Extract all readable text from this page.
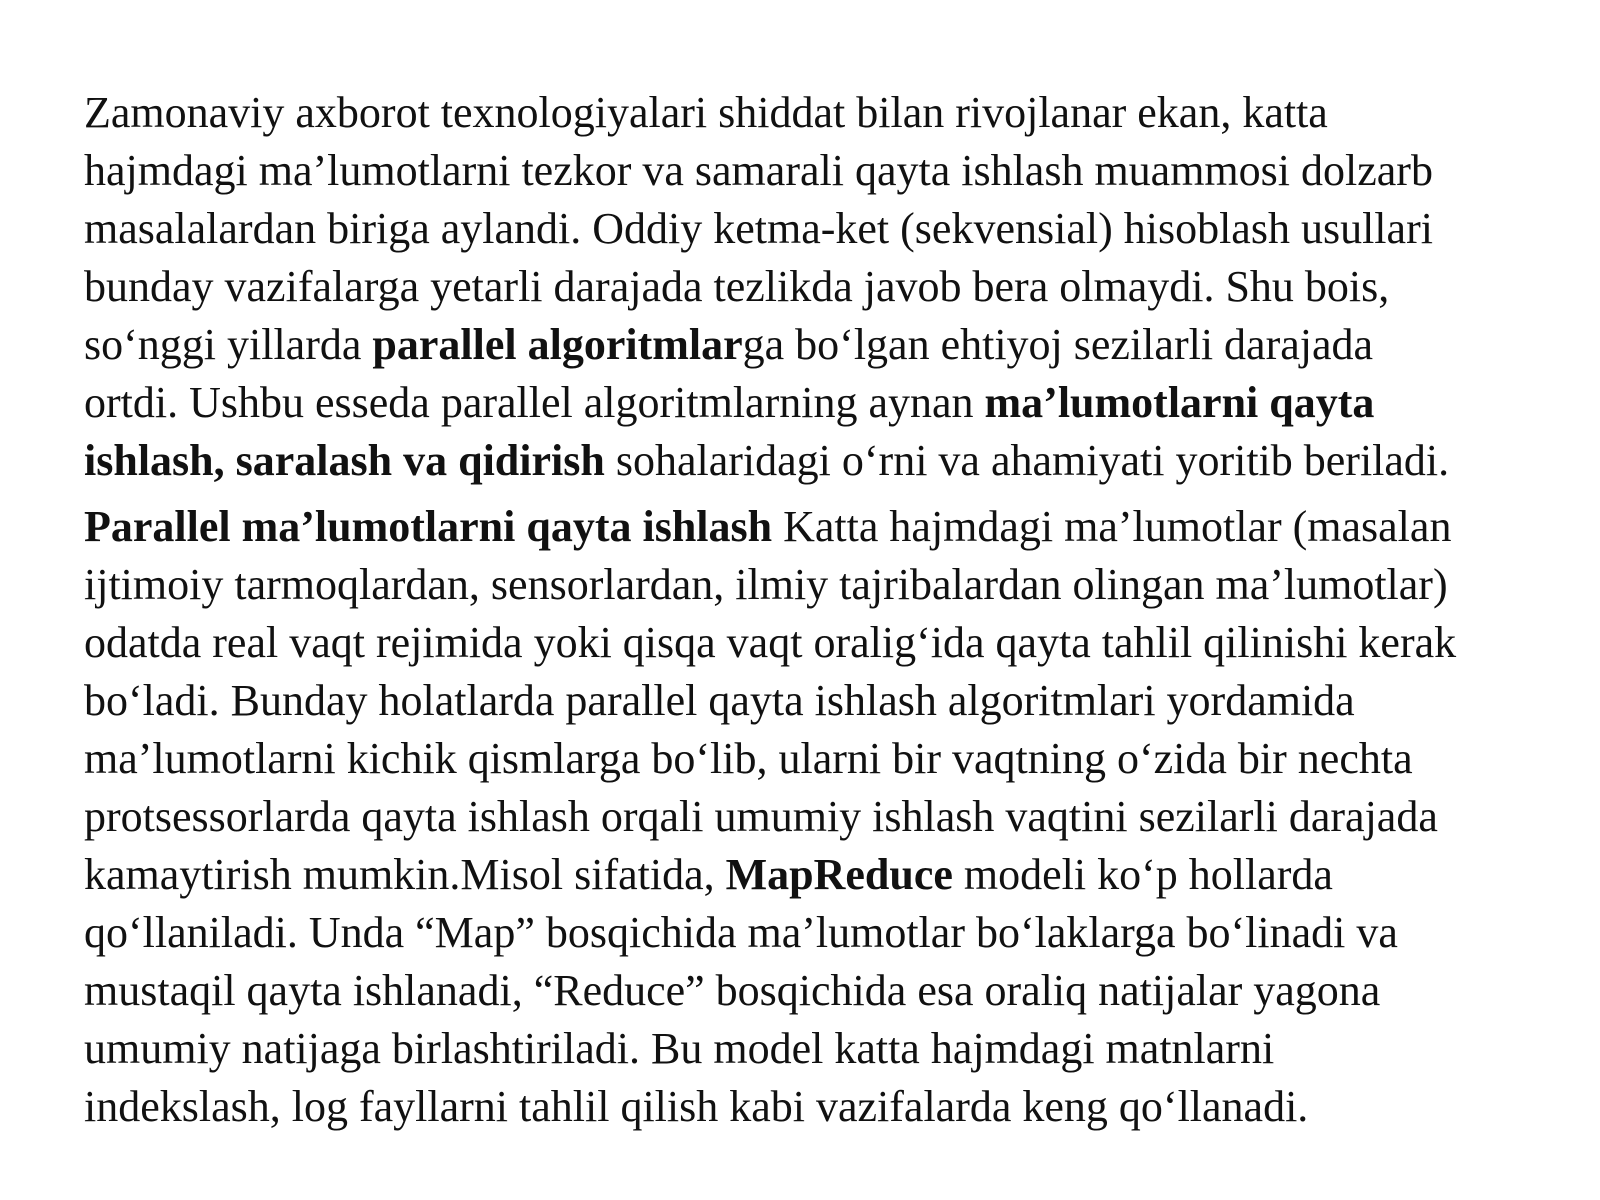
Zamonaviy axborot texnologiyalari shiddat bilan rivojlanar ekan, katta
hajmdagi ma’lumotlarni tezkor va samarali qayta ishlash muammosi dolzarb
masalalardan biriga aylandi. Oddiy ketma-ket (sekvensial) hisoblash usullari
bunday vazifalarga yetarli darajada tezlikda javob bera olmaydi. Shu bois,
so‘nggi yillarda parallel algoritmlarga bo‘lgan ehtiyoj sezilarli darajada
ortdi. Ushbu esseda parallel algoritmlarning aynan ma’lumotlarni qayta
ishlash, saralash va qidirish sohalaridagi o‘rni va ahamiyati yoritib beriladi.

Parallel ma’lumotlarni qayta ishlash Katta hajmdagi ma’lumotlar (masalan
ijtimoiy tarmoqlardan, sensorlardan, ilmiy tajribalardan olingan ma’lumotlar)
odatda real vaqt rejimida yoki qisqa vaqt oralig‘ida qayta tahlil qilinishi kerak
bo‘ladi. Bunday holatlarda parallel qayta ishlash algoritmlari yordamida
ma’lumotlarni kichik qismlarga bo‘lib, ularni bir vaqtning o‘zida bir nechta
protsessorlarda qayta ishlash orqali umumiy ishlash vaqtini sezilarli darajada
kamaytirish mumkin.Misol sifatida, MapReduce modeli ko‘p hollarda
qo‘llaniladi. Unda “Map” bosqichida ma’lumotlar bo‘laklarga bo‘linadi va
mustaqil qayta ishlanadi, “Reduce” bosqichida esa oraliq natijalar yagona
umumiy natijaga birlashtiriladi. Bu model katta hajmdagi matnlarni
indekslash, log fayllarni tahlil qilish kabi vazifalarda keng qo‘llanadi.
